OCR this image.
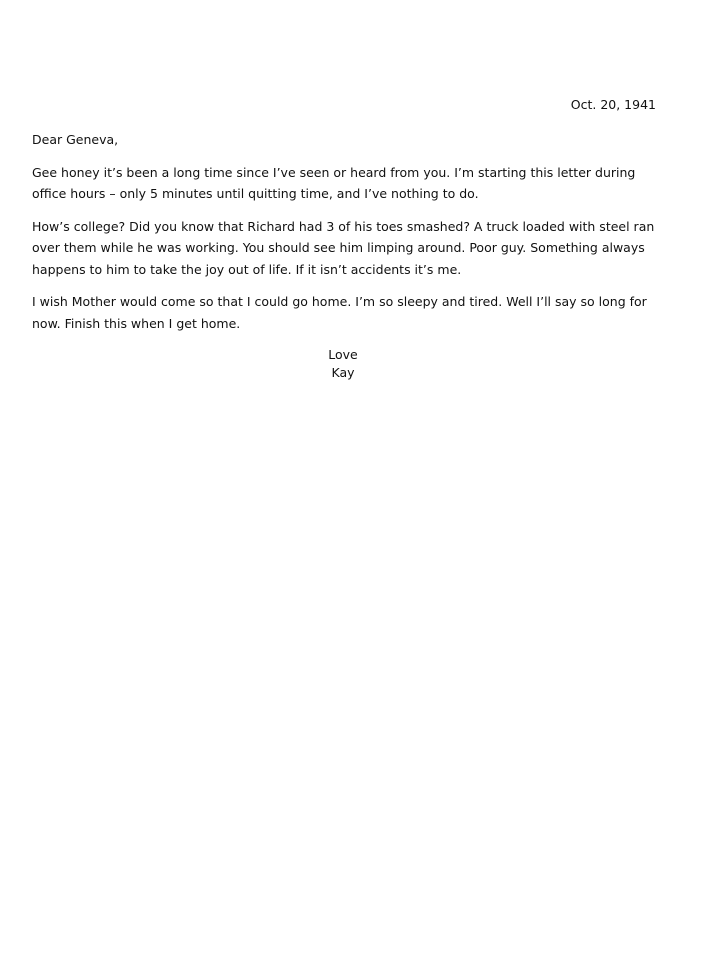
Oct. 20, 1941

Dear Geneva,

Gee honey it’s been a long time since I’ve seen or heard from you. I’m starting this letter during office hours – only 5 minutes until quitting time, and I’ve nothing to do.

How’s college? Did you know that Richard had 3 of his toes smashed? A truck loaded with steel ran over them while he was working. You should see him limping around. Poor guy. Something always happens to him to take the joy out of life. If it isn’t accidents it’s me.

I wish Mother would come so that I could go home. I’m so sleepy and tired. Well I’ll say so long for now. Finish this when I get home.

Love
Kay
